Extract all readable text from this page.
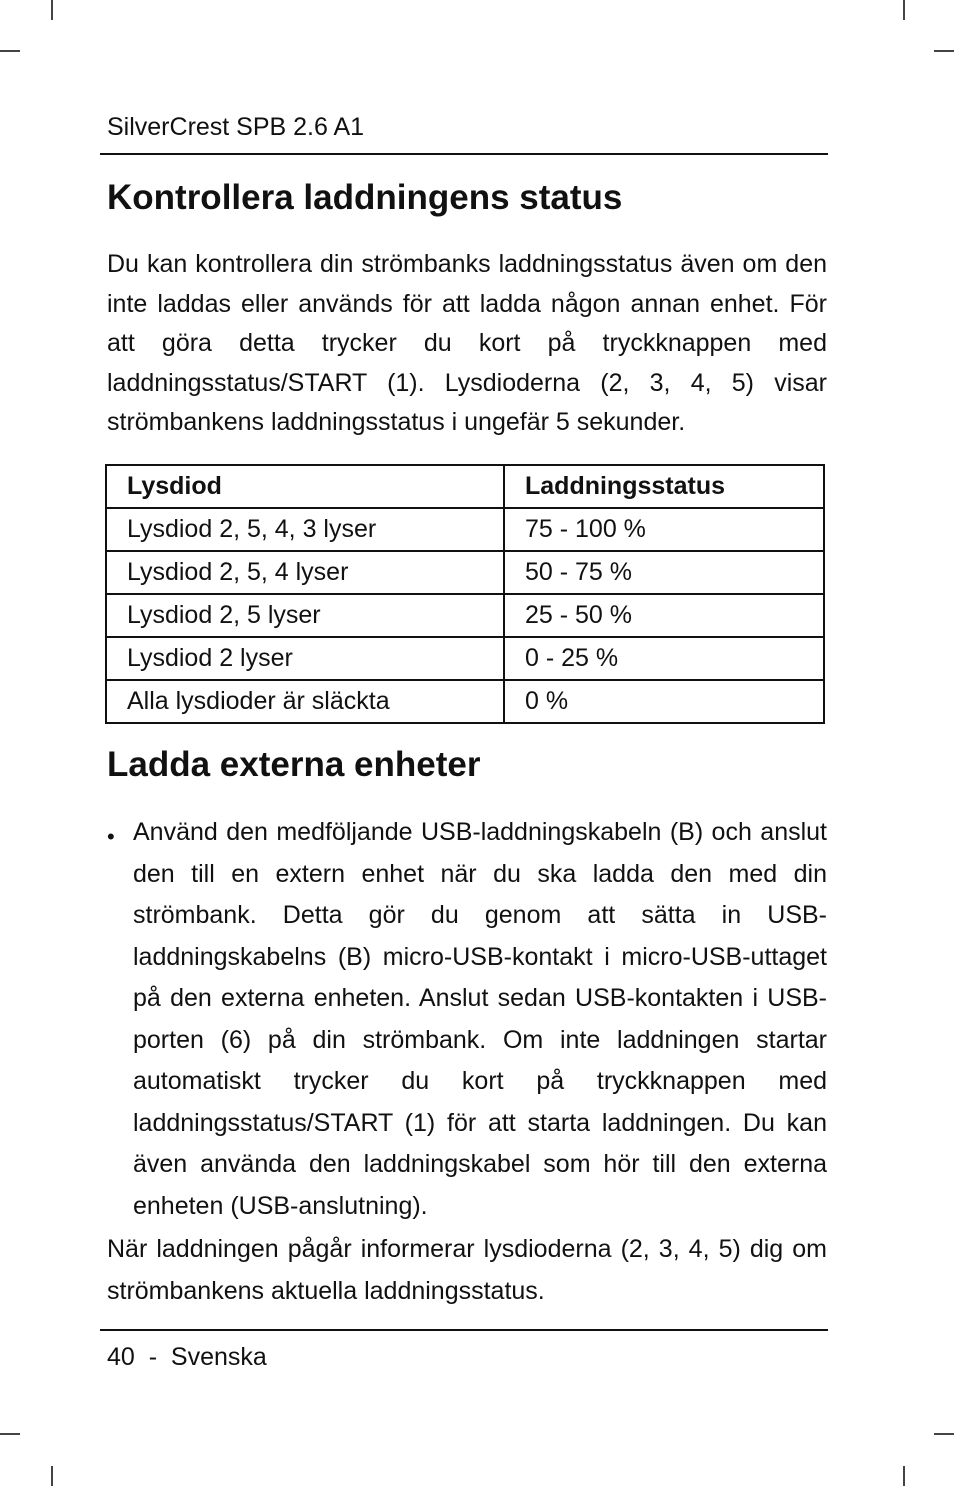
SilverCrest SPB 2.6 A1
Kontrollera laddningens status

Du kan kontrollera din strömbanks laddningsstatus även om den inte laddas eller används för att ladda någon annan enhet. För att göra detta trycker du kort på tryckknappen med laddningsstatus/START (1). Lysdioderna (2, 3, 4, 5) visar strömbankens laddningsstatus i ungefär 5 sekunder.

Lysdiod	Laddningsstatus
Lysdiod 2, 5, 4, 3 lyser	75 - 100 %
Lysdiod 2, 5, 4 lyser	50 - 75 %
Lysdiod 2, 5 lyser	25 - 50 %
Lysdiod 2 lyser	0 - 25 %
Alla lysdioder är släckta	0 %
Ladda externa enheter
• Använd den medföljande USB-laddningskabeln (B) och anslut den till en extern enhet när du ska ladda den med din strömbank. Detta gör du genom att sätta in USB-laddningskabelns (B) micro-USB-kontakt i micro-USB-uttaget på den externa enheten. Anslut sedan USB-kontakten i USB-porten (6) på din strömbank. Om inte laddningen startar automatiskt trycker du kort på tryckknappen med laddningsstatus/START (1) för att starta laddningen. Du kan även använda den laddningskabel som hör till den externa enheten (USB-anslutning).

När laddningen pågår informerar lysdioderna (2, 3, 4, 5) dig om strömbankens aktuella laddningsstatus.

40  -  Svenska
